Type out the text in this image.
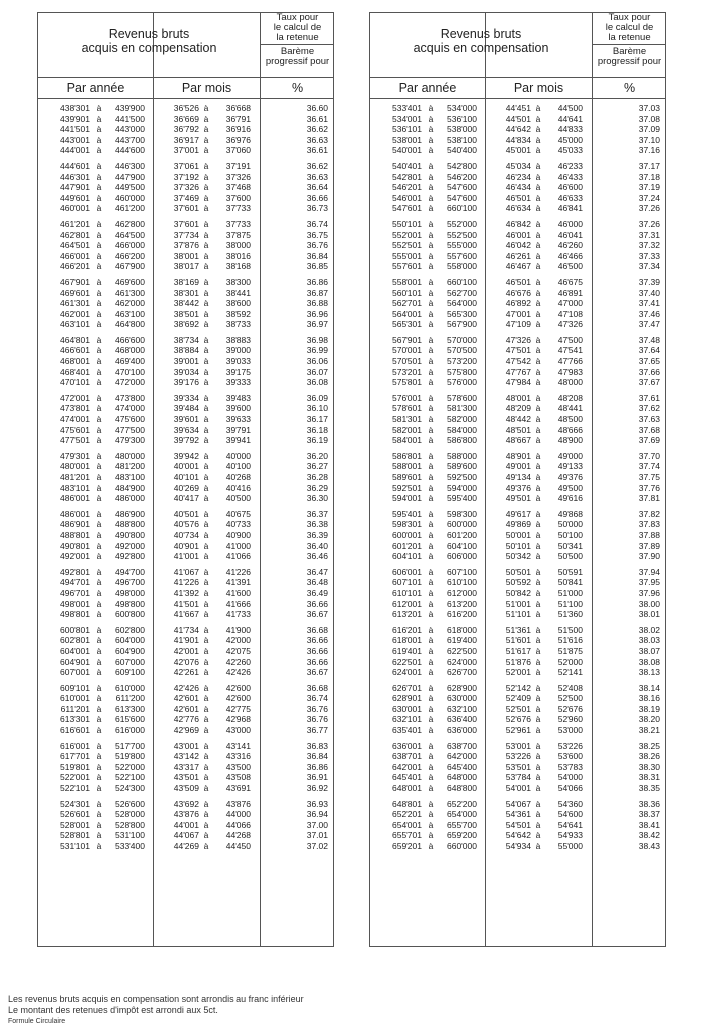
Revenus bruts
acquis en compensation
Taux pour
le calcul de
la retenue
Barème
progressif pour
Par année	Par mois	%
438'301 à	439'900	36'526 à	36'668	36.60
439'901 à	441'500	36'669 à	36'791	36.61
441'501 à	443'000	36'792 à	36'916	36.62
443'001 à	443'700	36'917 à	36'976	36.63
444'001 à	444'600	37'001 à	37'060	36.61
444'601 à	446'300	37'061 à	37'191	36.62
446'301 à	447'900	37'192 à	37'326	36.63
447'901 à	449'500	37'326 à	37'468	36.64
449'601 à	460'000	37'469 à	37'600	36.66
460'001 à	461'200	37'601 à	37'733	36.73
461'201 à	462'800	37'601 à	37'733	36.74
462'801 à	464'500	37'734 à	37'875	36.75
464'501 à	466'000	37'876 à	38'000	36.76
466'001 à	466'200	38'001 à	38'016	36.84
466'201 à	467'900	38'017 à	38'168	36.85
467'901 à	469'600	38'169 à	38'300	36.86
469'601 à	461'300	38'301 à	38'441	36.87
461'301 à	462'000	38'442 à	38'600	36.88
462'001 à	463'100	38'501 à	38'592	36.96
463'101 à	464'800	38'692 à	38'733	36.97
464'801 à	466'600	38'734 à	38'883	36.98
466'601 à	468'000	38'884 à	39'000	36.99
468'001 à	469'400	39'001 à	39'033	36.06
468'401 à	470'100	39'034 à	39'175	36.07
470'101 à	472'000	39'176 à	39'333	36.08
472'001 à	473'800	39'334 à	39'483	36.09
473'801 à	474'000	39'484 à	39'600	36.10
474'001 à	475'600	39'601 à	39'633	36.17
475'601 à	477'500	39'634 à	39'791	36.18
477'501 à	479'300	39'792 à	39'941	36.19
479'301 à	480'000	39'942 à	40'000	36.20
480'001 à	481'200	40'001 à	40'100	36.27
481'201 à	483'100	40'101 à	40'268	36.28
483'101 à	484'900	40'269 à	40'416	36.29
486'001 à	486'000	40'417 à	40'500	36.30
486'001 à	486'900	40'501 à	40'675	36.37
486'901 à	488'800	40'576 à	40'733	36.38
488'801 à	490'800	40'734 à	40'900	36.39
490'801 à	492'000	40'901 à	41'000	36.40
492'001 à	492'800	41'001 à	41'066	36.46
492'801 à	494'700	41'067 à	41'226	36.47
494'701 à	496'700	41'226 à	41'391	36.48
496'701 à	498'000	41'392 à	41'600	36.49
498'001 à	498'800	41'501 à	41'666	36.66
498'801 à	600'800	41'667 à	41'733	36.67
600'801 à	602'800	41'734 à	41'900	36.68
602'801 à	604'000	41'901 à	42'000	36.66
604'001 à	604'900	42'001 à	42'075	36.66
604'901 à	607'000	42'076 à	42'260	36.66
607'001 à	609'100	42'261 à	42'426	36.67
609'101 à	610'000	42'426 à	42'600	36.68
610'001 à	611'200	42'601 à	42'600	36.74
611'201 à	613'300	42'601 à	42'775	36.76
613'301 à	615'600	42'776 à	42'968	36.76
616'601 à	616'000	42'969 à	43'000	36.77
616'001 à	517'700	43'001 à	43'141	36.83
617'701 à	519'800	43'142 à	43'316	36.84
519'801 à	522'000	43'317 à	43'500	36.86
522'001 à	522'100	43'501 à	43'508	36.91
522'101 à	524'300	43'509 à	43'691	36.92
524'301 à	526'600	43'692 à	43'876	36.93
526'601 à	528'000	43'876 à	44'000	36.94
528'001 à	528'800	44'001 à	44'066	37.00
528'801 à	531'100	44'067 à	44'268	37.01
531'101 à	533'400	44'269 à	44'450	37.02
Revenus bruts
acquis en compensation
Taux pour
le calcul de
la retenue
Barème
progressif pour
Par année	Par mois	%
533'401 à	534'000	44'451 à	44'500	37.03
534'001 à	536'100	44'501 à	44'641	37.08
536'101 à	538'000	44'642 à	44'833	37.09
538'001 à	538'100	44'834 à	45'000	37.10
540'001 à	540'400	45'001 à	45'033	37.16
540'401 à	542'800	45'034 à	46'233	37.17
542'801 à	546'200	46'234 à	46'433	37.18
546'201 à	547'600	46'434 à	46'600	37.19
546'001 à	547'600	46'501 à	46'633	37.24
547'601 à	660'100	46'634 à	46'841	37.26
550'101 à	552'000	46'842 à	46'000	37.26
552'001 à	552'500	46'001 à	46'041	37.31
552'501 à	555'000	46'042 à	46'260	37.32
555'001 à	557'600	46'261 à	46'466	37.33
557'601 à	558'000	46'467 à	46'500	37.34
558'001 à	660'100	46'501 à	46'675	37.39
560'101 à	562'700	46'676 à	46'891	37.40
562'701 à	564'000	46'892 à	47'000	37.41
564'001 à	565'300	47'001 à	47'108	37.46
565'301 à	567'900	47'109 à	47'326	37.47
567'901 à	570'000	47'326 à	47'500	37.48
570'001 à	570'500	47'501 à	47'541	37.64
570'501 à	573'200	47'542 à	47'766	37.65
573'201 à	575'800	47'767 à	47'983	37.66
575'801 à	576'000	47'984 à	48'000	37.67
576'001 à	578'600	48'001 à	48'208	37.61
578'601 à	581'300	48'209 à	48'441	37.62
581'301 à	582'000	48'442 à	48'500	37.63
582'001 à	584'000	48'501 à	48'666	37.68
584'001 à	586'800	48'667 à	48'900	37.69
586'801 à	588'000	48'901 à	49'000	37.70
588'001 à	589'600	49'001 à	49'133	37.74
589'601 à	592'500	49'134 à	49'376	37.75
592'501 à	594'000	49'376 à	49'500	37.76
594'001 à	595'400	49'501 à	49'616	37.81
595'401 à	598'300	49'617 à	49'868	37.82
598'301 à	600'000	49'869 à	50'000	37.83
600'001 à	601'200	50'001 à	50'100	37.88
601'201 à	604'100	50'101 à	50'341	37.89
604'101 à	606'000	50'342 à	50'500	37.90
606'001 à	607'100	50'501 à	50'591	37.94
607'101 à	610'100	50'592 à	50'841	37.95
610'101 à	612'000	50'842 à	51'000	37.96
612'001 à	613'200	51'001 à	51'100	38.00
613'201 à	616'200	51'101 à	51'360	38.01
616'201 à	618'000	51'361 à	51'500	38.02
618'001 à	619'400	51'601 à	51'616	38.03
619'401 à	622'500	51'617 à	51'875	38.07
622'501 à	624'000	51'876 à	52'000	38.08
624'001 à	626'700	52'001 à	52'141	38.13
626'701 à	628'900	52'142 à	52'408	38.14
628'901 à	630'000	52'409 à	52'500	38.16
630'001 à	632'100	52'501 à	52'676	38.19
632'101 à	636'400	52'676 à	52'960	38.20
635'401 à	636'000	52'961 à	53'000	38.21
636'001 à	638'700	53'001 à	53'226	38.25
638'701 à	642'000	53'226 à	53'600	38.26
642'001 à	645'400	53'501 à	53'783	38.30
645'401 à	648'000	53'784 à	54'000	38.31
648'001 à	648'800	54'001 à	54'066	38.35
648'801 à	652'200	54'067 à	54'360	38.36
652'201 à	654'000	54'361 à	54'600	38.37
654'001 à	655'700	54'501 à	54'641	38.41
655'701 à	659'200	54'642 à	54'933	38.42
659'201 à	660'000	54'934 à	55'000	38.43
Les revenus bruts acquis en compensation sont arrondis au franc inférieur
Le montant des retenues d'impôt est arrondi aux 5ct.
Formule Circulaire
